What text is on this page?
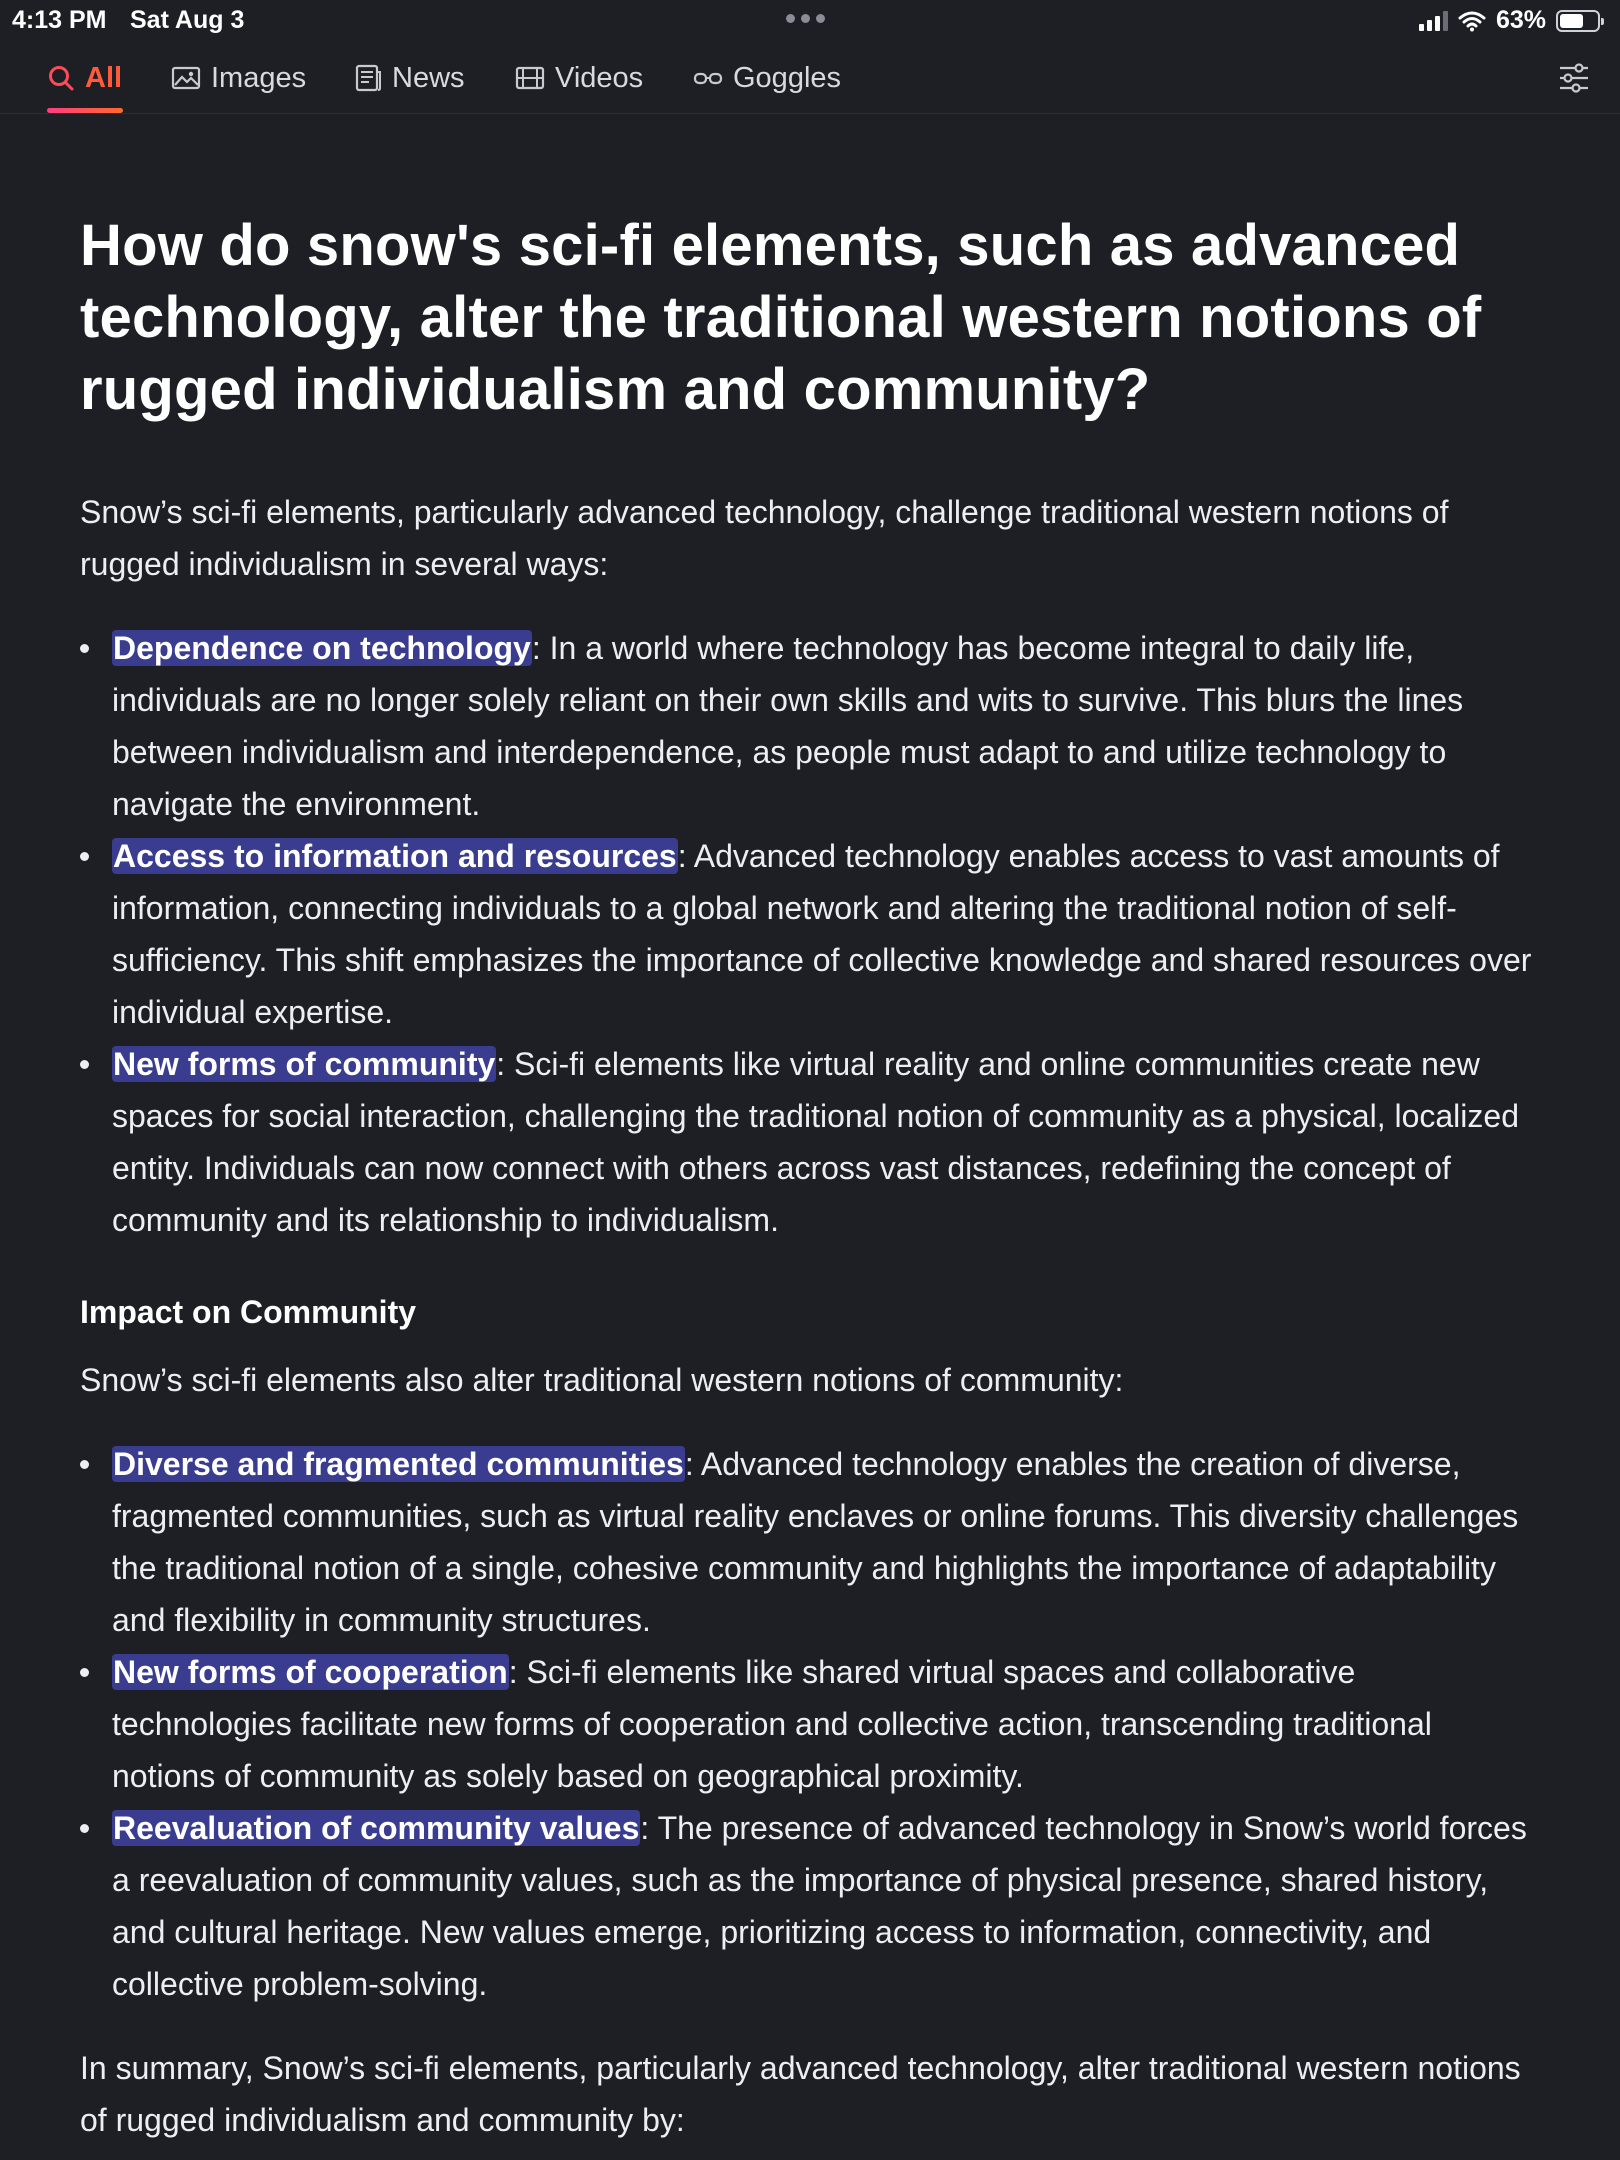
4:13 PM Sat Aug 3	63%
All	Images	News	Videos	Goggles
How do snow's sci-fi elements, such as advanced technology, alter the traditional western notions of rugged individualism and community?

Snow’s sci-fi elements, particularly advanced technology, challenge traditional western notions of rugged individualism in several ways:

Dependence on technology: In a world where technology has become integral to daily life, individuals are no longer solely reliant on their own skills and wits to survive. This blurs the lines between individualism and interdependence, as people must adapt to and utilize technology to navigate the environment.
Access to information and resources: Advanced technology enables access to vast amounts of information, connecting individuals to a global network and altering the traditional notion of self-sufficiency. This shift emphasizes the importance of collective knowledge and shared resources over individual expertise.
New forms of community: Sci-fi elements like virtual reality and online communities create new spaces for social interaction, challenging the traditional notion of community as a physical, localized entity. Individuals can now connect with others across vast distances, redefining the concept of community and its relationship to individualism.
Impact on Community

Snow’s sci-fi elements also alter traditional western notions of community:

Diverse and fragmented communities: Advanced technology enables the creation of diverse, fragmented communities, such as virtual reality enclaves or online forums. This diversity challenges the traditional notion of a single, cohesive community and highlights the importance of adaptability and flexibility in community structures.
New forms of cooperation: Sci-fi elements like shared virtual spaces and collaborative technologies facilitate new forms of cooperation and collective action, transcending traditional notions of community as solely based on geographical proximity.
Reevaluation of community values: The presence of advanced technology in Snow’s world forces a reevaluation of community values, such as the importance of physical presence, shared history, and cultural heritage. New values emerge, prioritizing access to information, connectivity, and collective problem-solving.

In summary, Snow’s sci-fi elements, particularly advanced technology, alter traditional western notions of rugged individualism and community by:
